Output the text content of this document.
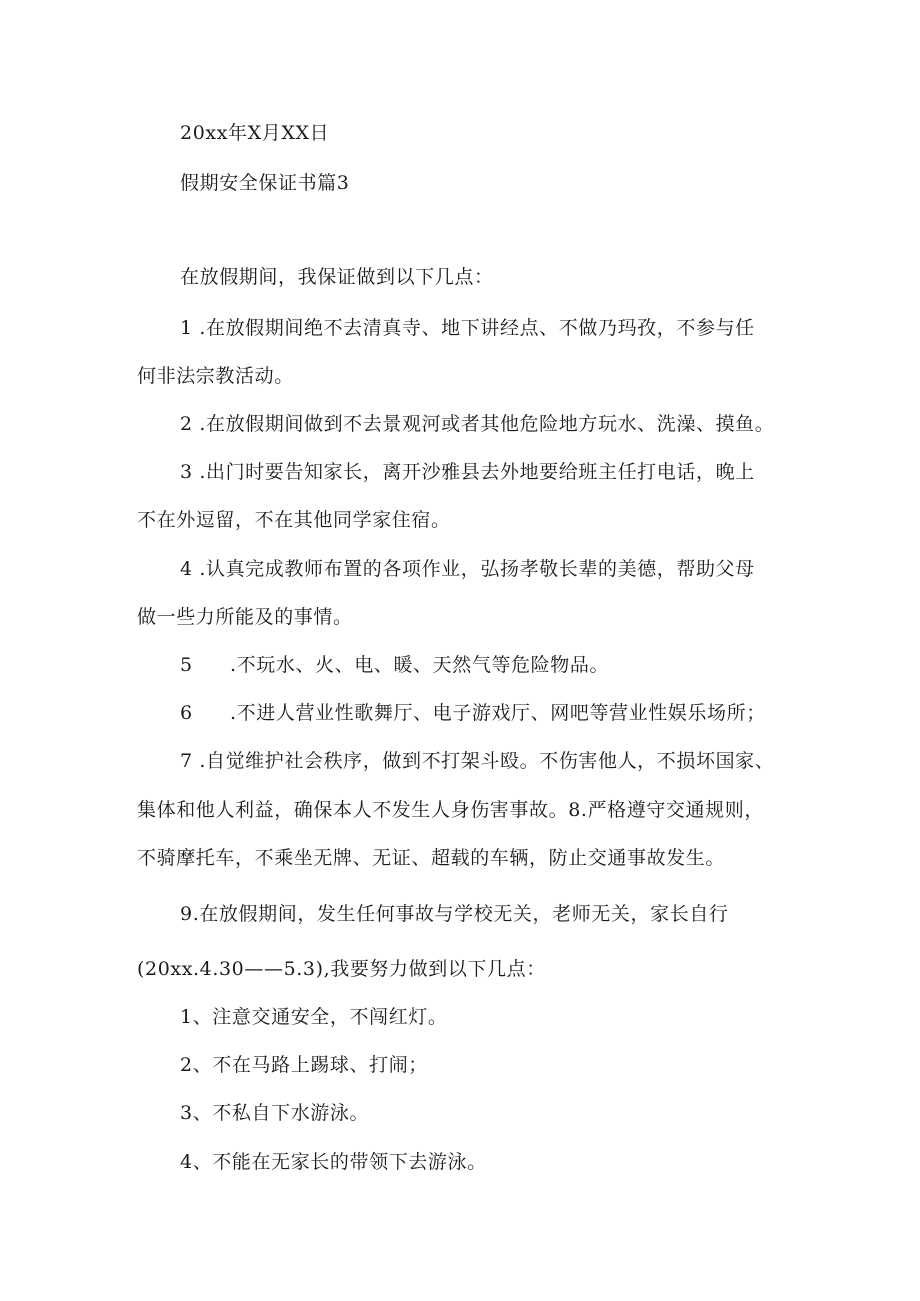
20xx年X月XX日
假期安全保证书篇3
在放假期间，我保证做到以下几点：
1 .在放假期间绝不去清真寺、地下讲经点、不做乃玛孜，不参与任
何非法宗教活动。
2 .在放假期间做到不去景观河或者其他危险地方玩水、洗澡、摸鱼。
3 .出门时要告知家长，离开沙雅县去外地要给班主任打电话，晚上
不在外逗留，不在其他同学家住宿。
4 .认真完成教师布置的各项作业，弘扬孝敬长辈的美德，帮助父母
做一些力所能及的事情。
5 .不玩水、火、电、暖、天然气等危险物品。
6 .不进人营业性歌舞厅、电子游戏厅、网吧等营业性娱乐场所；
7 .自觉维护社会秩序，做到不打架斗殴。不伤害他人，不损坏国家、
集体和他人利益，确保本人不发生人身伤害事故。8.严格遵守交通规则，
不骑摩托车，不乘坐无牌、无证、超载的车辆，防止交通事故发生。
9.在放假期间，发生任何事故与学校无关，老师无关，家长自行
(20xx.4.30——5.3),我要努力做到以下几点：
1、注意交通安全，不闯红灯。
2、不在马路上踢球、打闹；
3、不私自下水游泳。
4、不能在无家长的带领下去游泳。
